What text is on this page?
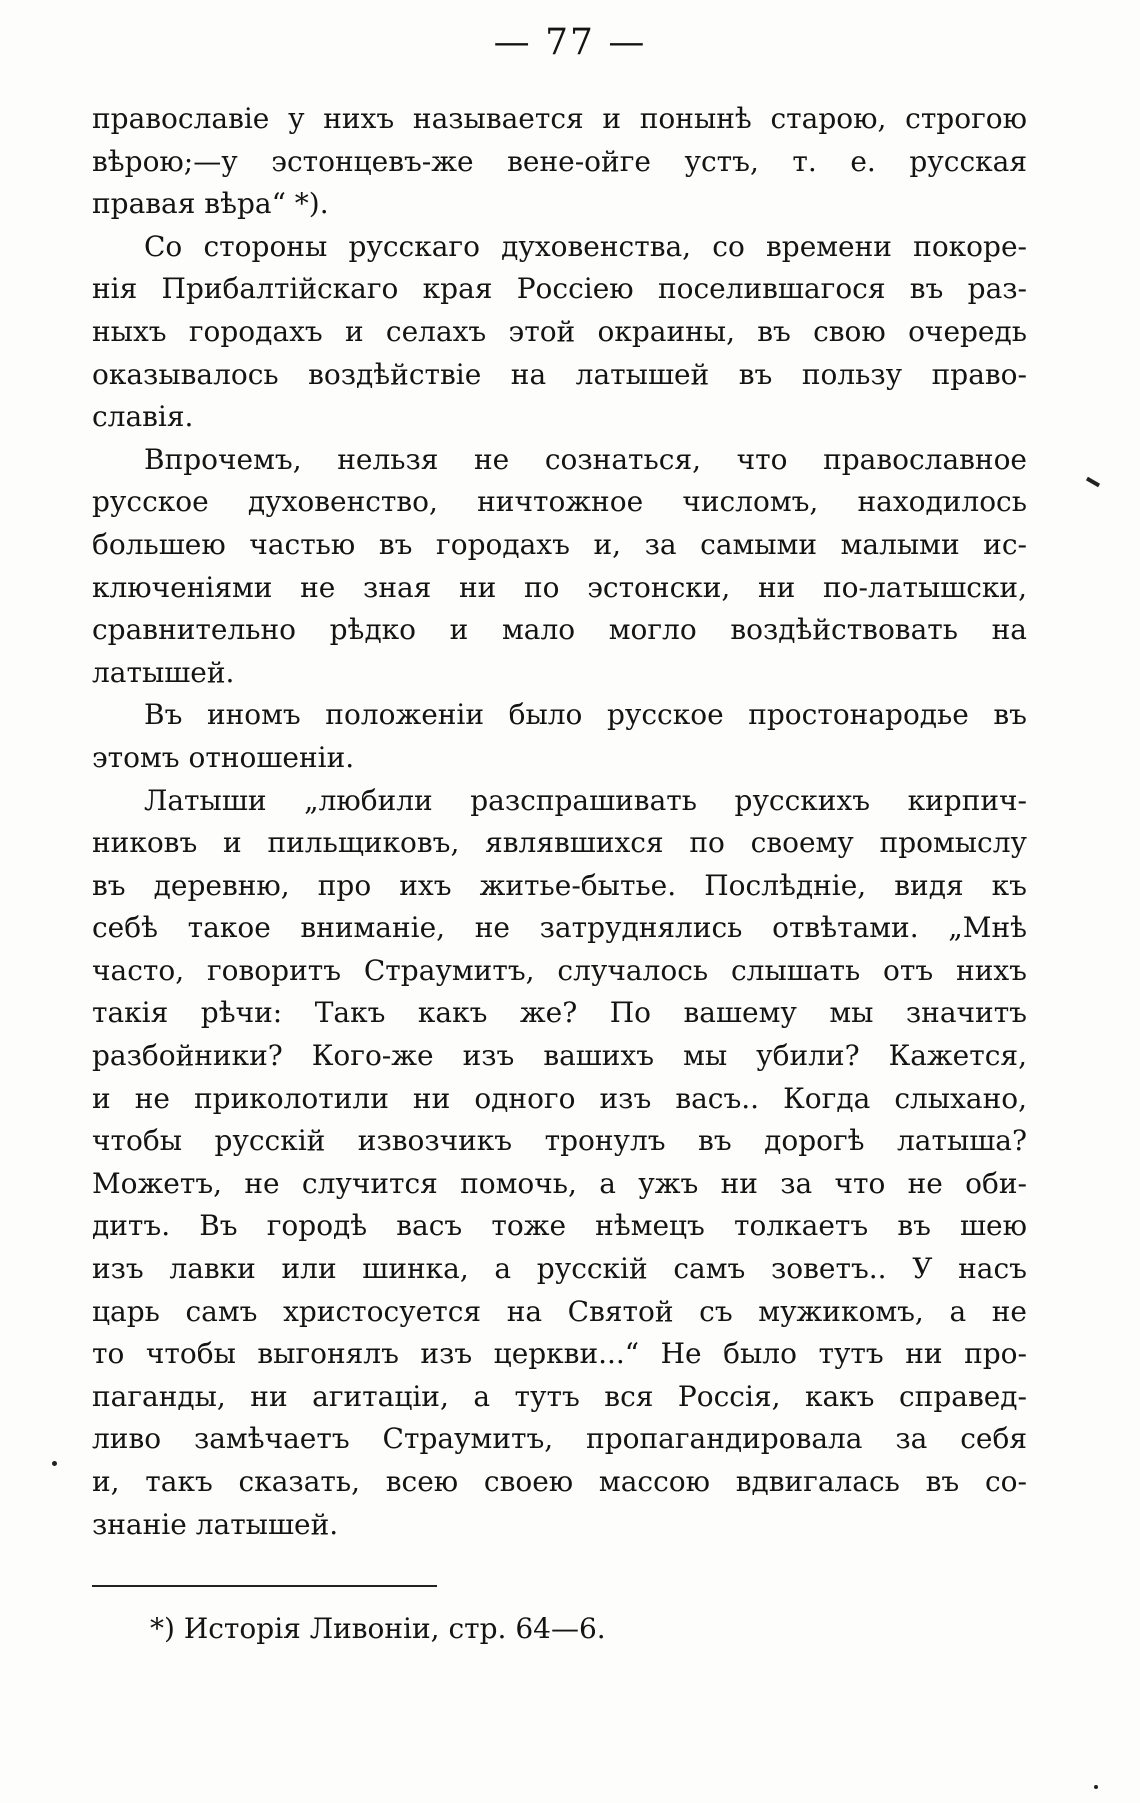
— 77 —
православіе у нихъ называется и понынѣ старою, строгою
вѣрою;—у эстонцевъ-же вене-ойге устъ, т. е. русская
правая вѣра“ *).
Со стороны русскаго духовенства, со времени покоре-
нія Прибалтійскаго края Россіею поселившагося въ раз-
ныхъ городахъ и селахъ этой окраины, въ свою очередь
оказывалось воздѣйствіе на латышей въ пользу право-
славія.
Впрочемъ, нельзя не сознаться, что православное
русское духовенство, ничтожное числомъ, находилось
большею частью въ городахъ и, за самыми малыми ис-
ключеніями не зная ни по эстонски, ни по-латышски,
сравнительно рѣдко и мало могло воздѣйствовать на
латышей.
Въ иномъ положеніи было русское простонародье въ
этомъ отношеніи.
Латыши „любили разспрашивать русскихъ кирпич-
никовъ и пильщиковъ, являвшихся по своему промыслу
въ деревню, про ихъ житье-бытье. Послѣдніе, видя къ
себѣ такое вниманіе, не затруднялись отвѣтами. „Мнѣ
часто, говоритъ Страумитъ, случалось слышать отъ нихъ
такія рѣчи: Такъ какъ же? По вашему мы значитъ
разбойники? Кого-же изъ вашихъ мы убили? Кажется,
и не приколотили ни одного изъ васъ.. Когда слыхано,
чтобы русскій извозчикъ тронулъ въ дорогѣ латыша?
Можетъ, не случится помочь, а ужъ ни за что не оби-
дитъ. Въ городѣ васъ тоже нѣмецъ толкаетъ въ шею
изъ лавки или шинка, а русскій самъ зоветъ.. У насъ
царь самъ христосуется на Святой съ мужикомъ, а не
то чтобы выгонялъ изъ церкви...“ Не было тутъ ни про-
паганды, ни агитаціи, а тутъ вся Россія, какъ справед-
ливо замѣчаетъ Страумитъ, пропагандировала за себя
и, такъ сказать, всею своею массою вдвигалась въ со-
знаніе латышей.
*) Исторія Ливоніи, стр. 64—6.
